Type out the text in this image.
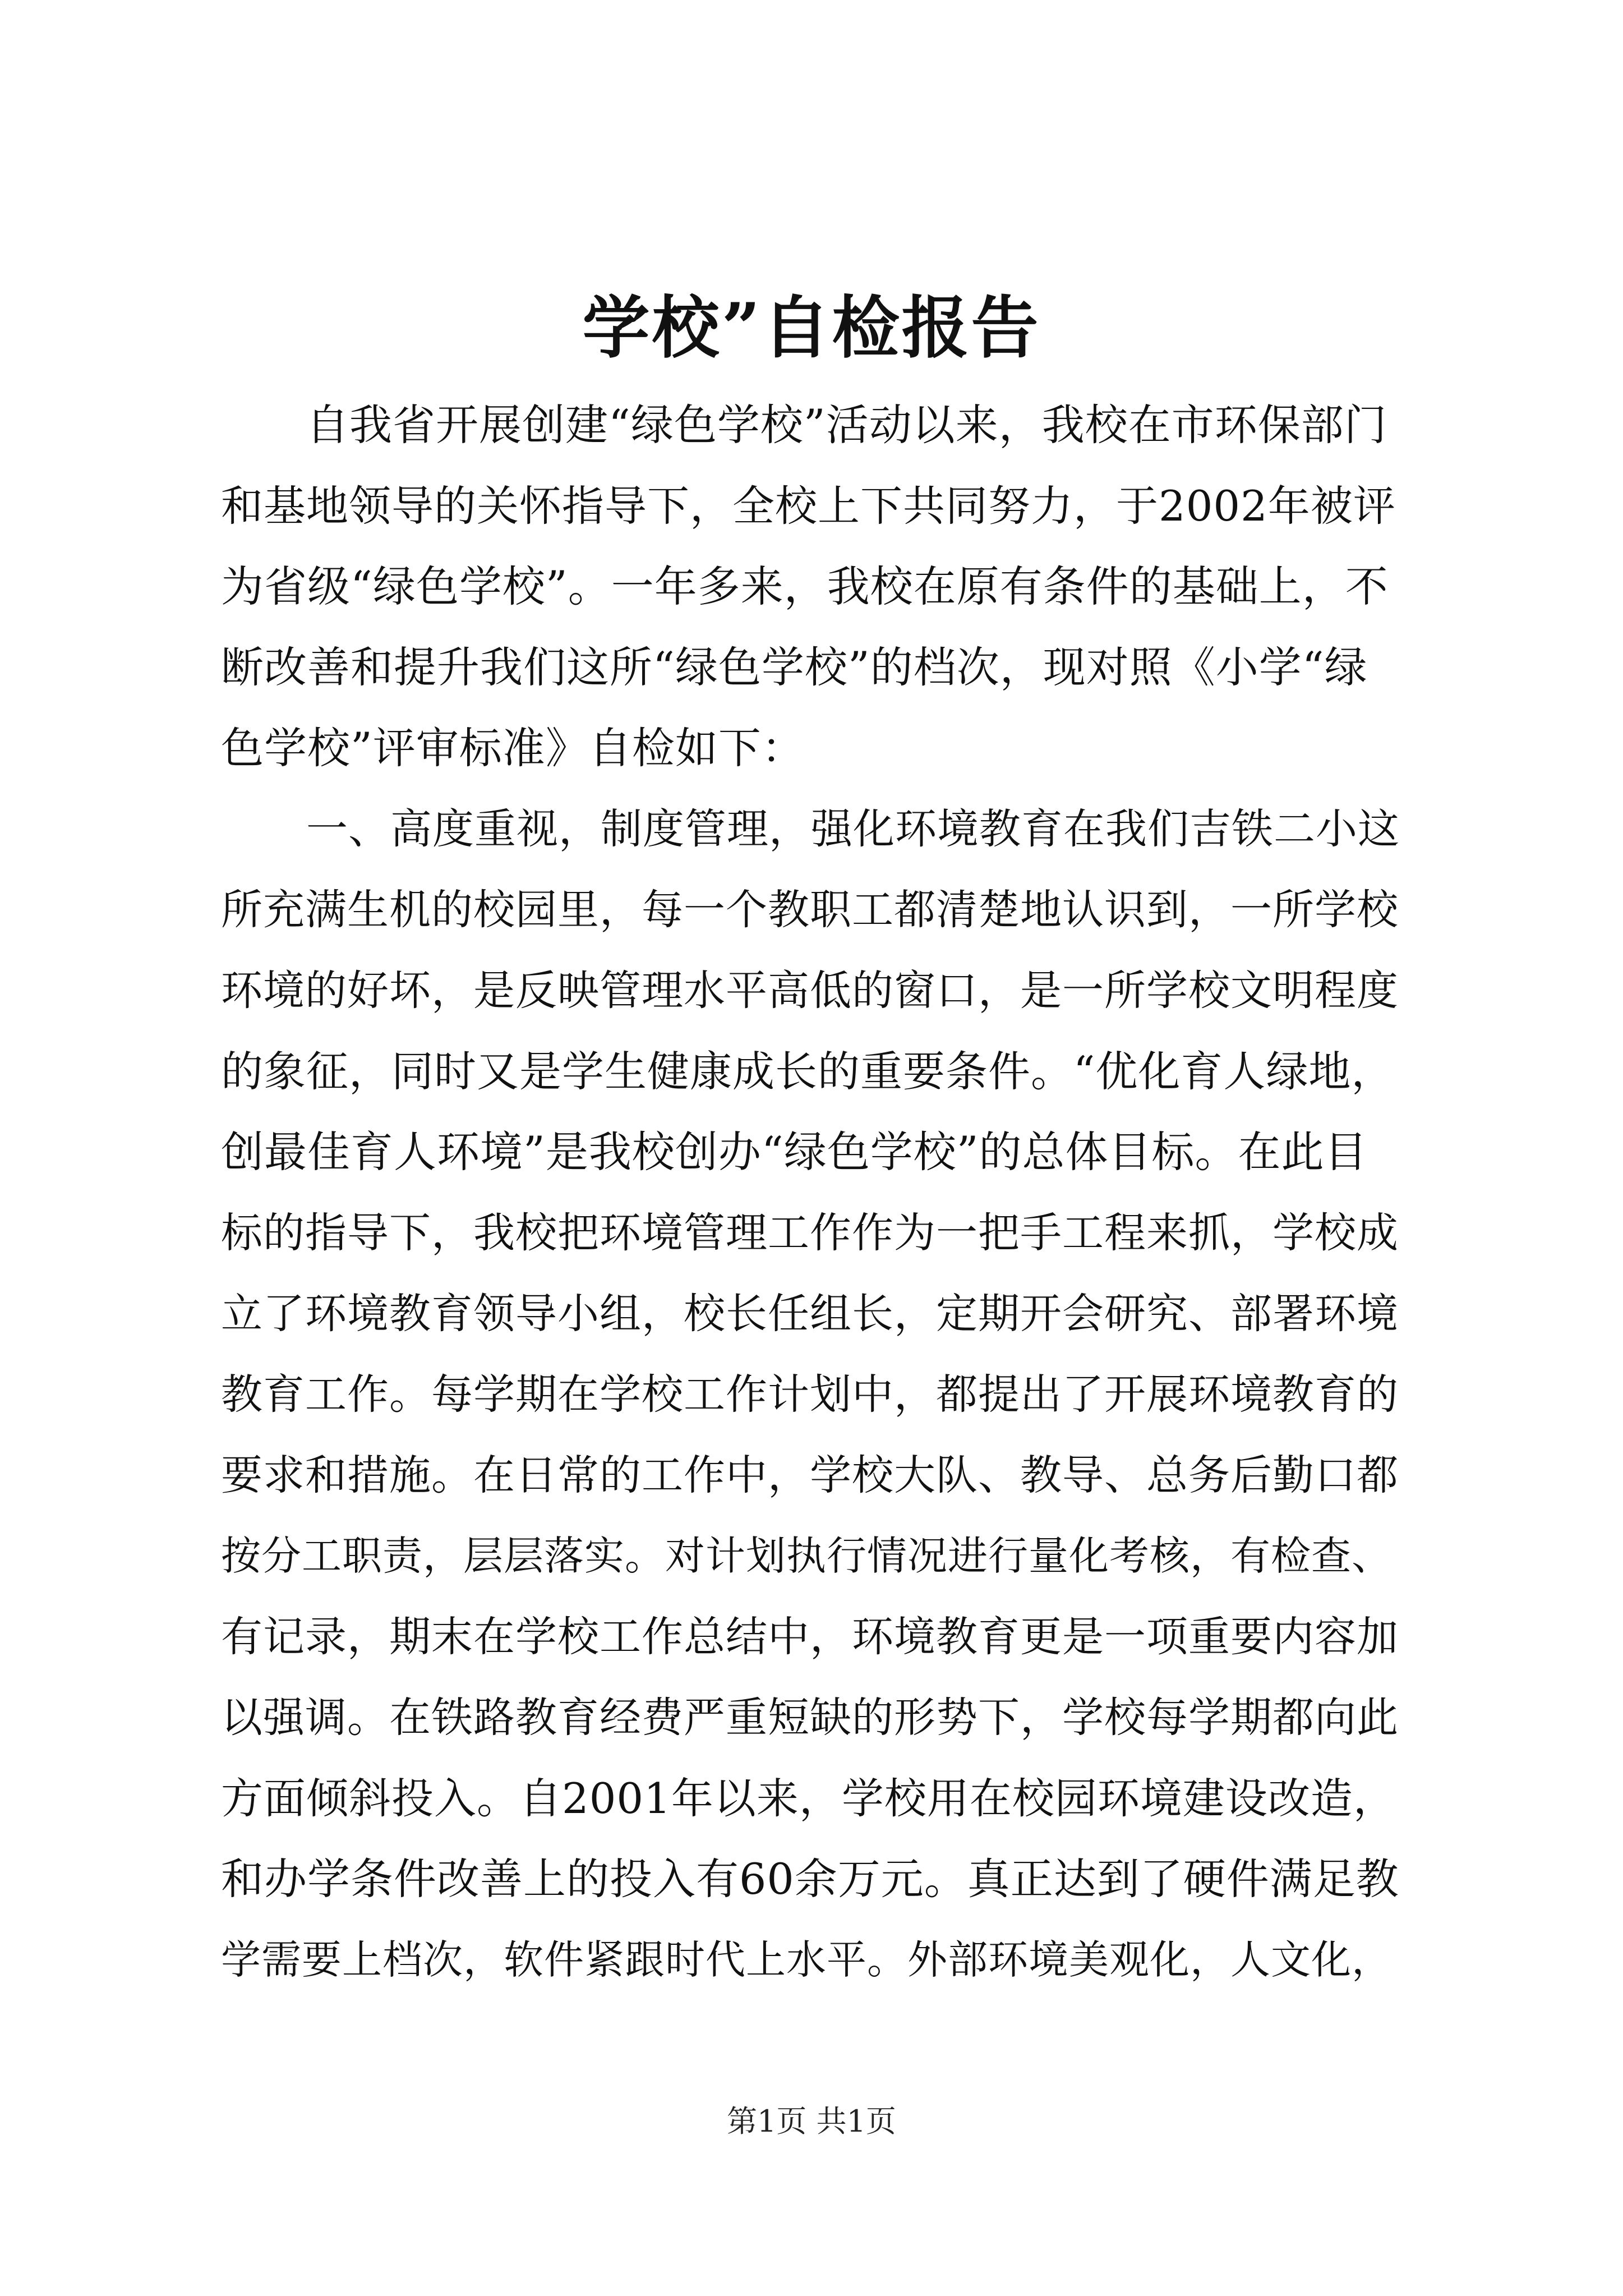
学校”自检报告
自我省开展创建“绿色学校”活动以来，我校在市环保部门
和基地领导的关怀指导下，全校上下共同努力，于2002年被评
为省级“绿色学校”。一年多来，我校在原有条件的基础上，不
断改善和提升我们这所“绿色学校”的档次，现对照《小学“绿
色学校”评审标准》自检如下：
一、高度重视，制度管理，强化环境教育在我们吉铁二小这
所充满生机的校园里，每一个教职工都清楚地认识到，一所学校
环境的好坏，是反映管理水平高低的窗口，是一所学校文明程度
的象征，同时又是学生健康成长的重要条件。“优化育人绿地，
创最佳育人环境”是我校创办“绿色学校”的总体目标。在此目
标的指导下，我校把环境管理工作作为一把手工程来抓，学校成
立了环境教育领导小组，校长任组长，定期开会研究、部署环境
教育工作。每学期在学校工作计划中，都提出了开展环境教育的
要求和措施。在日常的工作中，学校大队、教导、总务后勤口都
按分工职责，层层落实。对计划执行情况进行量化考核，有检查、
有记录，期末在学校工作总结中，环境教育更是一项重要内容加
以强调。在铁路教育经费严重短缺的形势下，学校每学期都向此
方面倾斜投入。自2001年以来，学校用在校园环境建设改造，
和办学条件改善上的投入有60余万元。真正达到了硬件满足教
学需要上档次，软件紧跟时代上水平。外部环境美观化，人文化，
第1页 共1页
